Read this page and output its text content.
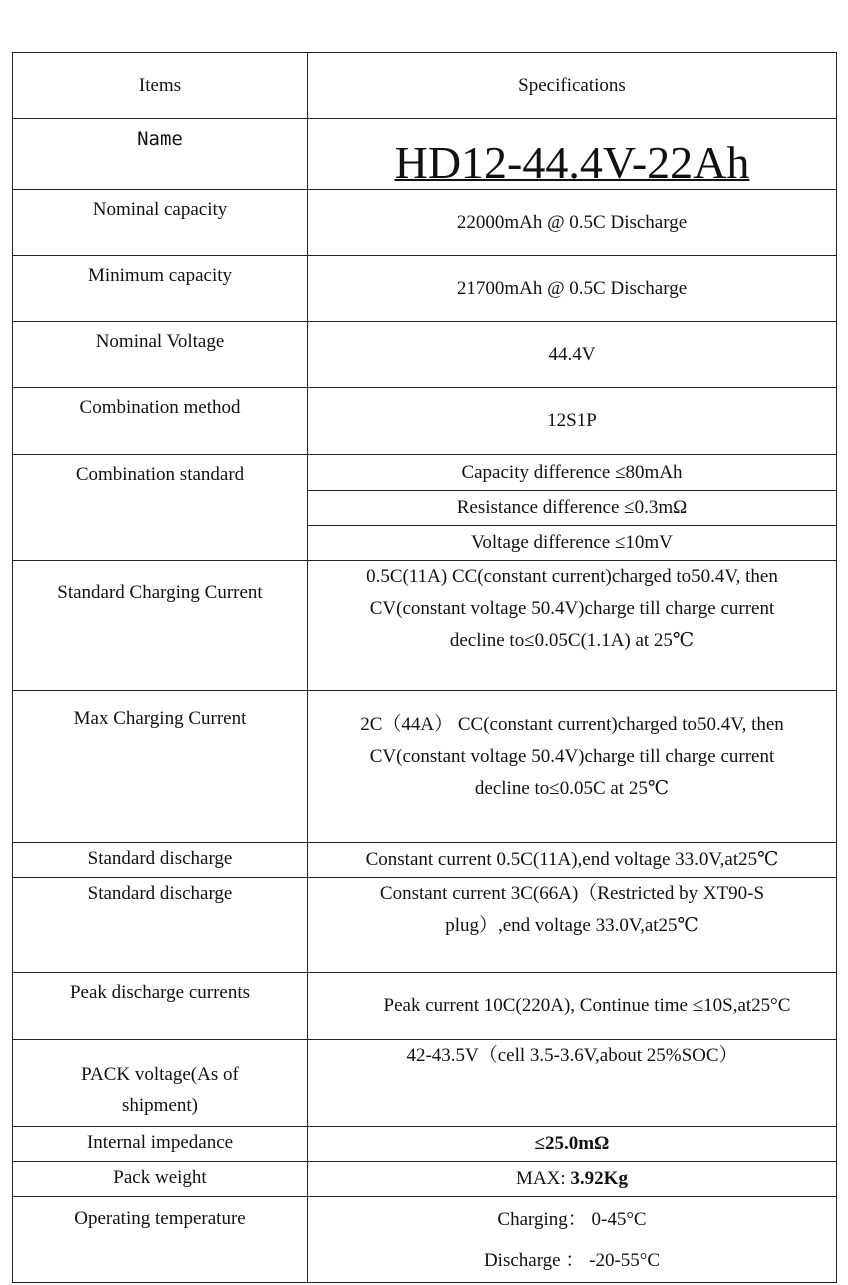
Items	Specifications
Name	HD12-44.4V-22Ah
Nominal capacity	22000mAh @ 0.5C Discharge
Minimum capacity	21700mAh @ 0.5C Discharge
Nominal Voltage	44.4V
Combination method	12S1P
Combination standard	Capacity difference ≤80mAh
	Resistance difference ≤0.3mΩ
	Voltage difference ≤10mV
Standard Charging Current	0.5C(11A) CC(constant current)charged to50.4V, then
CV(constant voltage 50.4V)charge till charge current
decline to≤0.05C(1.1A) at 25℃

Max Charging Current	2C（44A） CC(constant current)charged to50.4V, then
CV(constant voltage 50.4V)charge till charge current
decline to≤0.05C at 25℃

Standard discharge	Constant current 0.5C(11A),end voltage 33.0V,at25℃
Standard discharge	Constant current 3C(66A)（Restricted by XT90-S
plug）,end voltage 33.0V,at25℃

Peak discharge currents	Peak current 10C(220A), Continue time ≤10S,at25°C

PACK voltage(As of
shipment)	42-43.5V（cell 3.5-3.6V,about 25%SOC）
Internal impedance	≤25.0mΩ
Pack weight	MAX: 3.92Kg
Operating temperature	Charging： 0-45°C
Discharge ： -20-55°C
